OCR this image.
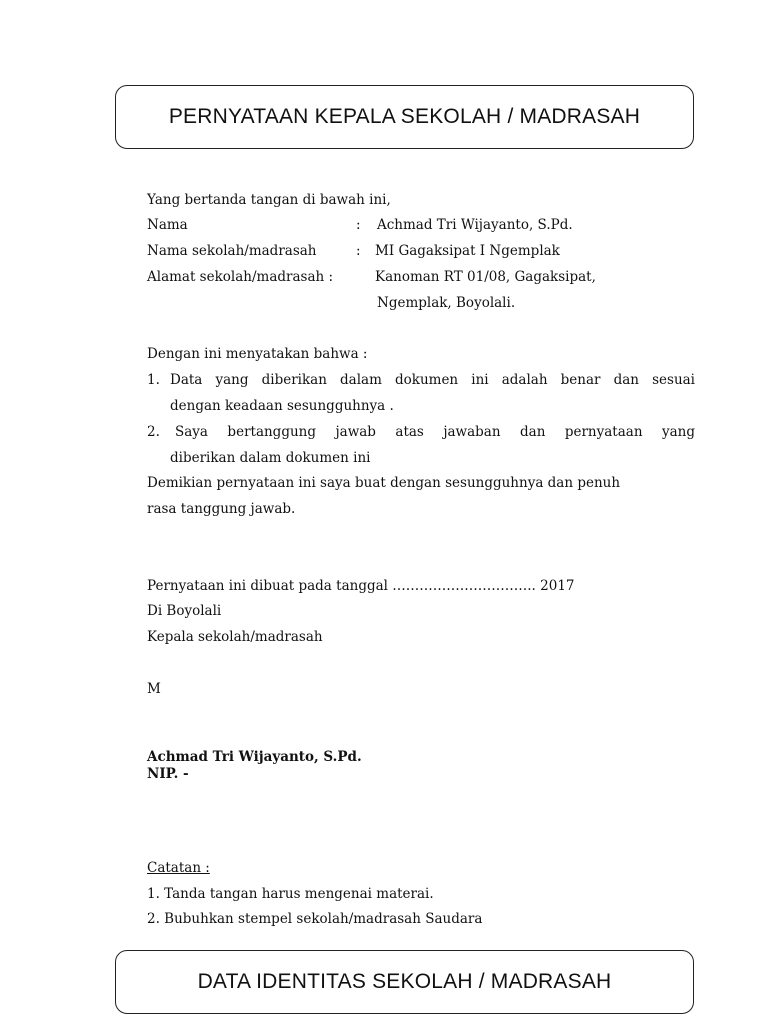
PERNYATAAN KEPALA SEKOLAH / MADRASAH
Yang bertanda tangan di bawah ini,
Nama	: Achmad Tri Wijayanto, S.Pd.
Nama sekolah/madrasah	: MI Gagaksipat I Ngemplak
Alamat sekolah/madrasah :	Kanoman RT 01/08, Gagaksipat,
Ngemplak, Boyolali.
Dengan ini menyatakan bahwa :
1. Data yang diberikan dalam dokumen ini adalah benar dan sesuai
dengan keadaan sesungguhnya .
2. Saya bertanggung jawab atas jawaban dan pernyataan yang
diberikan dalam dokumen ini
Demikian pernyataan ini saya buat dengan sesungguhnya dan penuh
rasa tanggung jawab.
Pernyataan ini dibuat pada tanggal ………………………….. 2017
Di Boyolali
Kepala sekolah/madrasah
M
Achmad Tri Wijayanto, S.Pd.
NIP. -
Catatan :
1. Tanda tangan harus mengenai materai.
2. Bubuhkan stempel sekolah/madrasah Saudara
DATA IDENTITAS SEKOLAH / MADRASAH
